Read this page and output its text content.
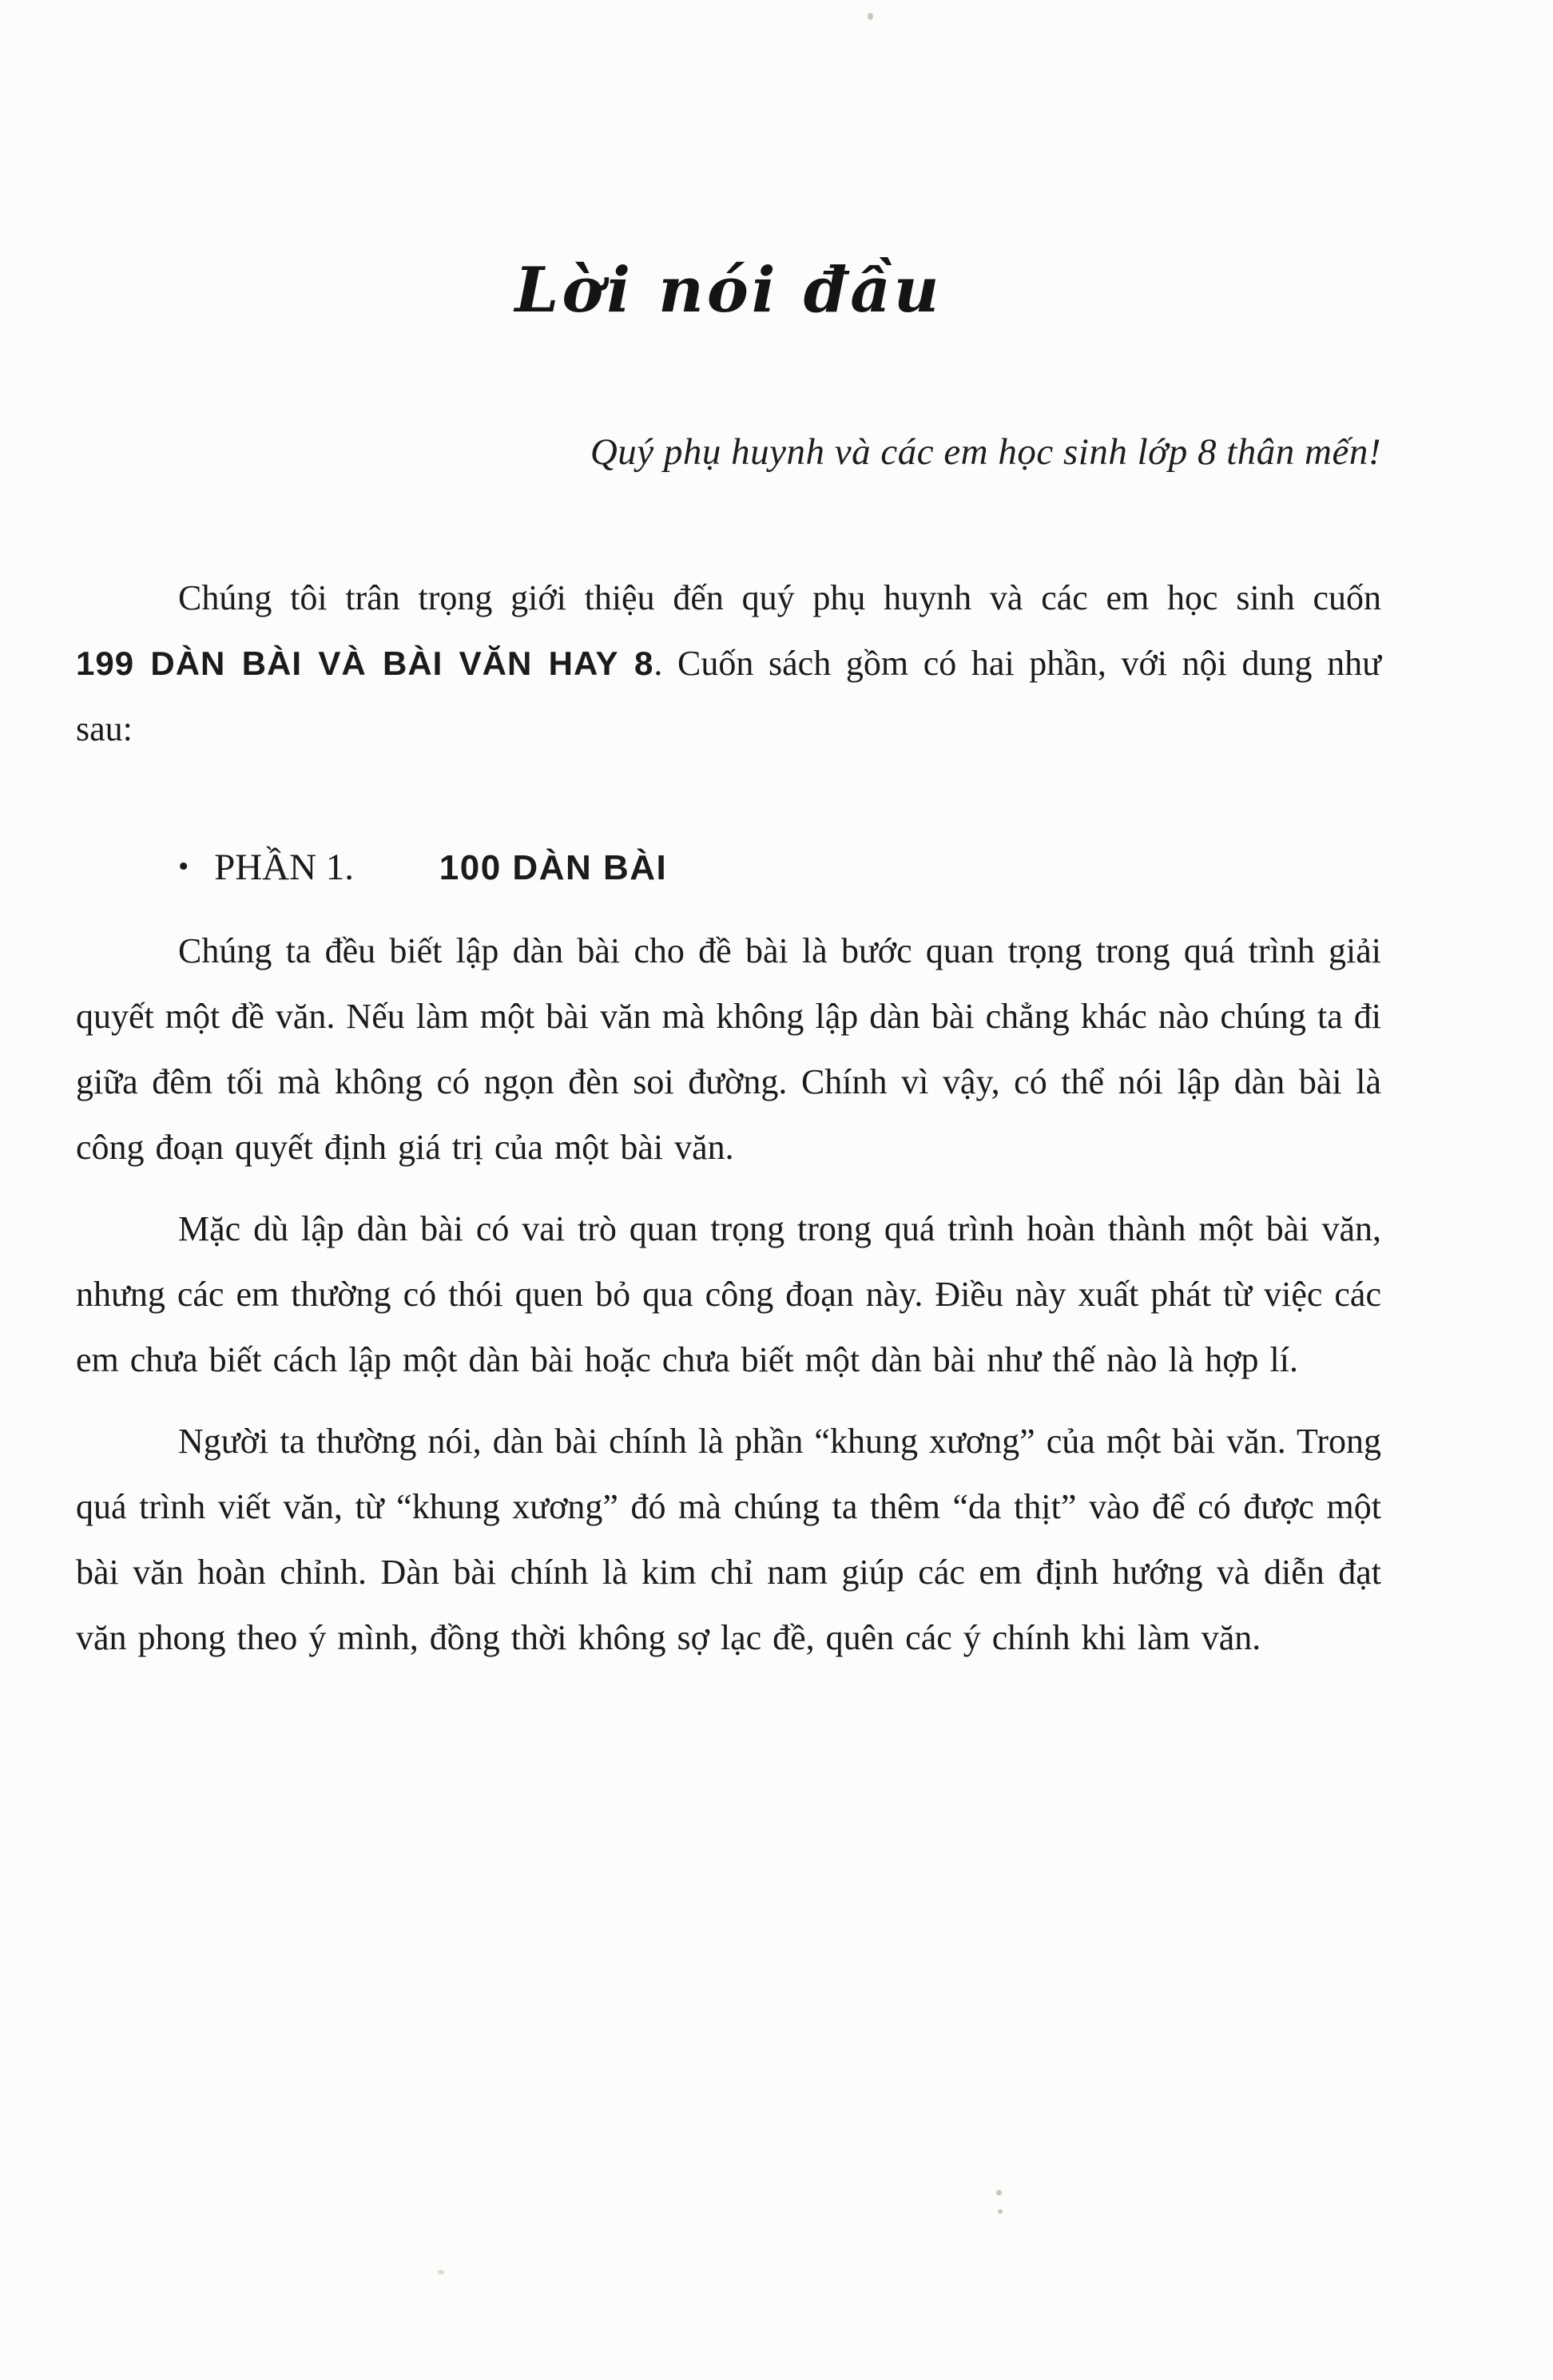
Lời nói đầu

Quý phụ huynh và các em học sinh lớp 8 thân mến!

Chúng tôi trân trọng giới thiệu đến quý phụ huynh và các em học sinh cuốn 199 DÀN BÀI VÀ BÀI VĂN HAY 8. Cuốn sách gồm có hai phần, với nội dung như sau:

• PHẦN 1. 100 DÀN BÀI

Chúng ta đều biết lập dàn bài cho đề bài là bước quan trọng trong quá trình giải quyết một đề văn. Nếu làm một bài văn mà không lập dàn bài chẳng khác nào chúng ta đi giữa đêm tối mà không có ngọn đèn soi đường. Chính vì vậy, có thể nói lập dàn bài là công đoạn quyết định giá trị của một bài văn.

Mặc dù lập dàn bài có vai trò quan trọng trong quá trình hoàn thành một bài văn, nhưng các em thường có thói quen bỏ qua công đoạn này. Điều này xuất phát từ việc các em chưa biết cách lập một dàn bài hoặc chưa biết một dàn bài như thế nào là hợp lí.

Người ta thường nói, dàn bài chính là phần “khung xương” của một bài văn. Trong quá trình viết văn, từ “khung xương” đó mà chúng ta thêm “da thịt” vào để có được một bài văn hoàn chỉnh. Dàn bài chính là kim chỉ nam giúp các em định hướng và diễn đạt văn phong theo ý mình, đồng thời không sợ lạc đề, quên các ý chính khi làm văn.
